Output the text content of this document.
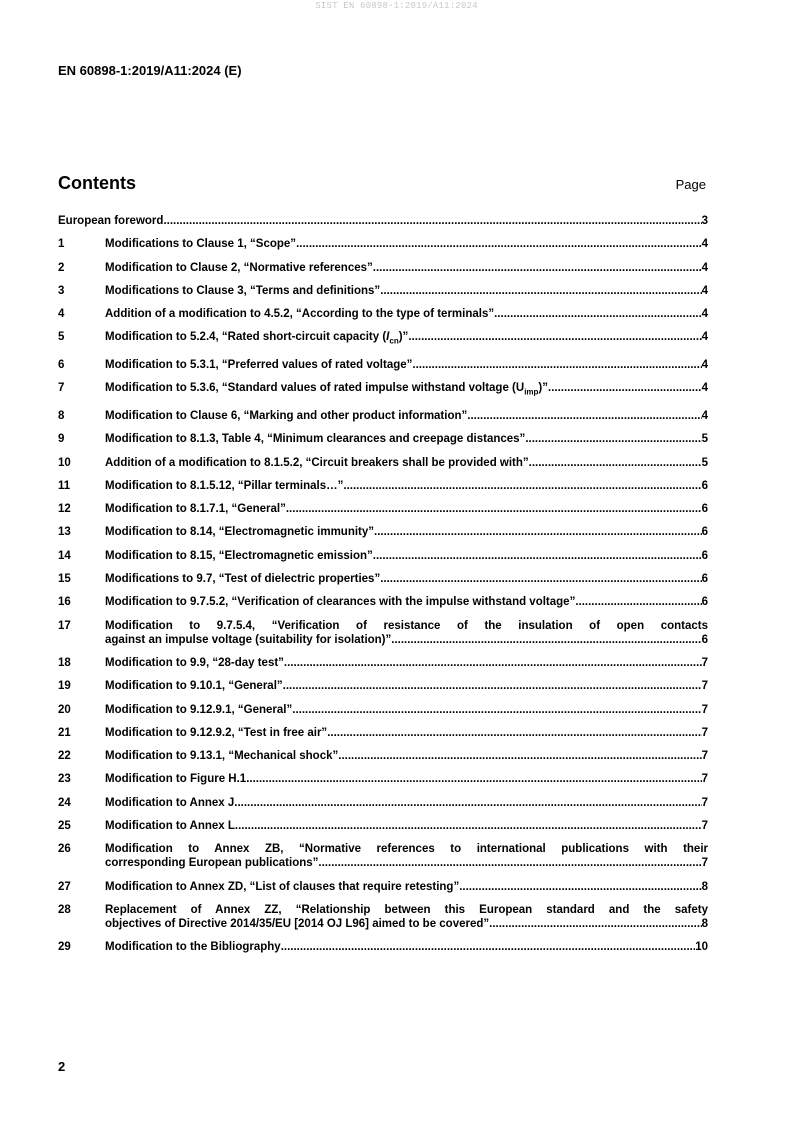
SIST EN 60898-1:2019/A11:2024
EN 60898-1:2019/A11:2024 (E)
Contents	Page
European foreword .....	3
1	Modifications to Clause 1, “Scope” .....	4
2	Modification to Clause 2, “Normative references” .....	4
3	Modifications to Clause 3, “Terms and definitions” .....	4
4	Addition of a modification to 4.5.2, “According to the type of terminals” .....	4
5	Modification to 5.2.4, “Rated short-circuit capacity $(I_{cn})$” .....	4
6	Modification to 5.3.1, “Preferred values of rated voltage” .....	4
7	Modification to 5.3.6, “Standard values of rated impulse withstand voltage $(U_{imp})$” .....	4
8	Modification to Clause 6, “Marking and other product information” .....	4
9	Modification to 8.1.3, Table 4, “Minimum clearances and creepage distances” .....	5
10	Addition of a modification to 8.1.5.2, “Circuit breakers shall be provided with” .....	5
11	Modification to 8.1.5.12, “Pillar terminals…” .....	6
12	Modification to 8.1.7.1, “General” .....	6
13	Modification to 8.14, “Electromagnetic immunity” .....	6
14	Modification to 8.15, “Electromagnetic emission” .....	6
15	Modifications to 9.7, “Test of dielectric properties” .....	6
16	Modification to 9.7.5.2, “Verification of clearances with the impulse withstand voltage” .....	6
17	Modification to 9.7.5.4, “Verification of resistance of the insulation of open contacts
against an impulse voltage (suitability for isolation)” .....	6
18	Modification to 9.9, “28-day test” .....	7
19	Modification to 9.10.1, “General” .....	7
20	Modification to 9.12.9.1, “General” .....	7
21	Modification to 9.12.9.2, “Test in free air” .....	7
22	Modification to 9.13.1, “Mechanical shock” .....	7
23	Modification to Figure H.1 .....	7
24	Modification to Annex J .....	7
25	Modification to Annex L .....	7
26	Modification to Annex ZB, “Normative references to international publications with their
corresponding European publications” .....	7
27	Modification to Annex ZD, “List of clauses that require retesting” .....	8
28	Replacement of Annex ZZ, “Relationship between this European standard and the safety
objectives of Directive 2014/35/EU [2014 OJ L96] aimed to be covered” .....	8
29	Modification to the Bibliography .....	10
2
